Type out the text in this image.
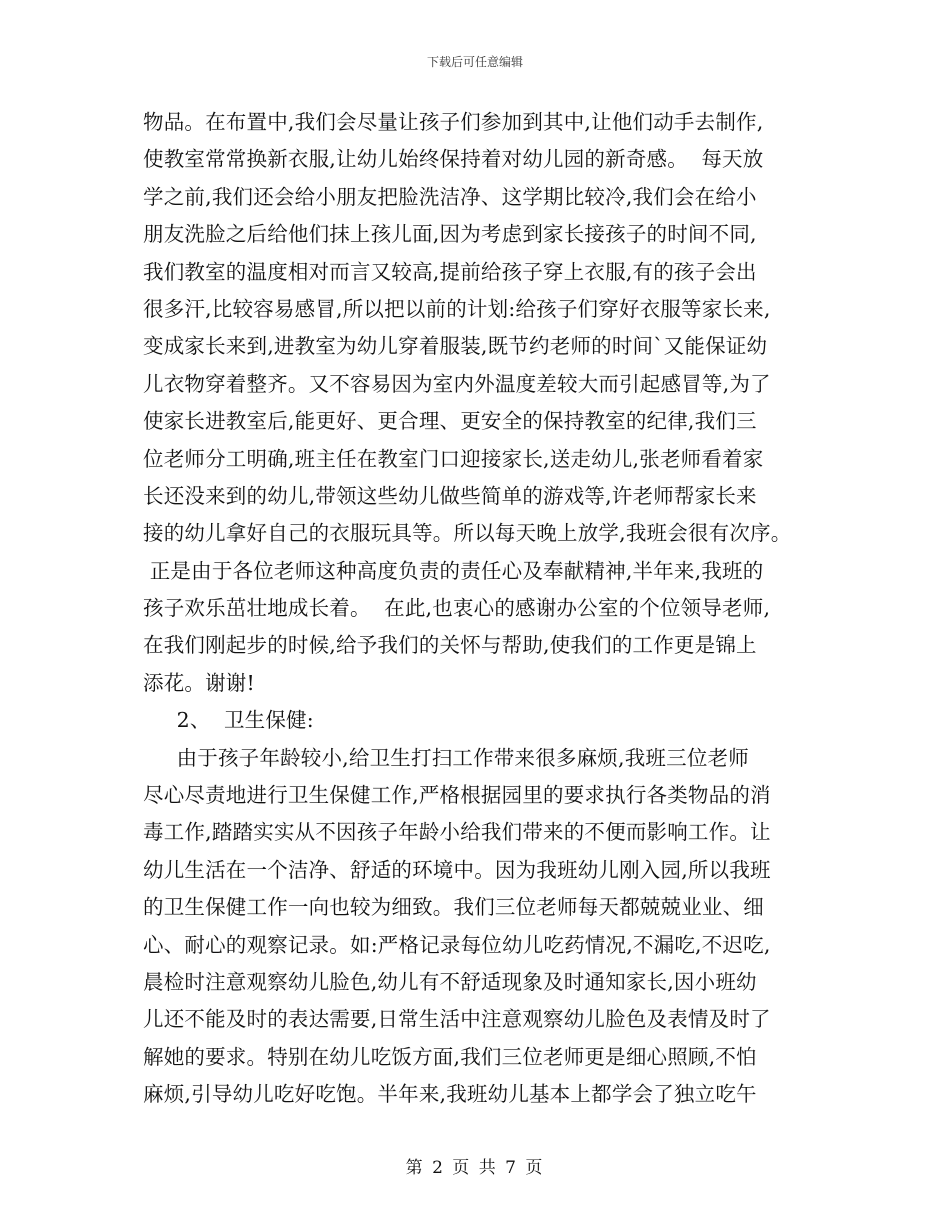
下载后可任意编辑
物品。在布置中,我们会尽量让孩子们参加到其中,让他们动手去制作,
使教室常常换新衣服,让幼儿始终保持着对幼儿园的新奇感。  每天放
学之前,我们还会给小朋友把脸洗洁净、这学期比较冷,我们会在给小
朋友洗脸之后给他们抹上孩儿面,因为考虑到家长接孩子的时间不同,
我们教室的温度相对而言又较高,提前给孩子穿上衣服,有的孩子会出
很多汗,比较容易感冒,所以把以前的计划:给孩子们穿好衣服等家长来,
变成家长来到,进教室为幼儿穿着服装,既节约老师的时间`又能保证幼
儿衣物穿着整齐。又不容易因为室内外温度差较大而引起感冒等,为了
使家长进教室后,能更好、更合理、更安全的保持教室的纪律,我们三
位老师分工明确,班主任在教室门口迎接家长,送走幼儿,张老师看着家
长还没来到的幼儿,带领这些幼儿做些简单的游戏等,许老师帮家长来
接的幼儿拿好自己的衣服玩具等。所以每天晚上放学,我班会很有次序。
正是由于各位老师这种高度负责的责任心及奉献精神,半年来,我班的
孩子欢乐茁壮地成长着。  在此,也衷心的感谢办公室的个位领导老师,
在我们刚起步的时候,给予我们的关怀与帮助,使我们的工作更是锦上
添花。谢谢!
2、  卫生保健:
由于孩子年龄较小,给卫生打扫工作带来很多麻烦,我班三位老师
尽心尽责地进行卫生保健工作,严格根据园里的要求执行各类物品的消
毒工作,踏踏实实从不因孩子年龄小给我们带来的不便而影响工作。让
幼儿生活在一个洁净、舒适的环境中。因为我班幼儿刚入园,所以我班
的卫生保健工作一向也较为细致。我们三位老师每天都兢兢业业、细
心、耐心的观察记录。如:严格记录每位幼儿吃药情况,不漏吃,不迟吃,
晨检时注意观察幼儿脸色,幼儿有不舒适现象及时通知家长,因小班幼
儿还不能及时的表达需要,日常生活中注意观察幼儿脸色及表情及时了
解她的要求。特别在幼儿吃饭方面,我们三位老师更是细心照顾,不怕
麻烦,引导幼儿吃好吃饱。半年来,我班幼儿基本上都学会了独立吃午
第 2 页 共 7 页
